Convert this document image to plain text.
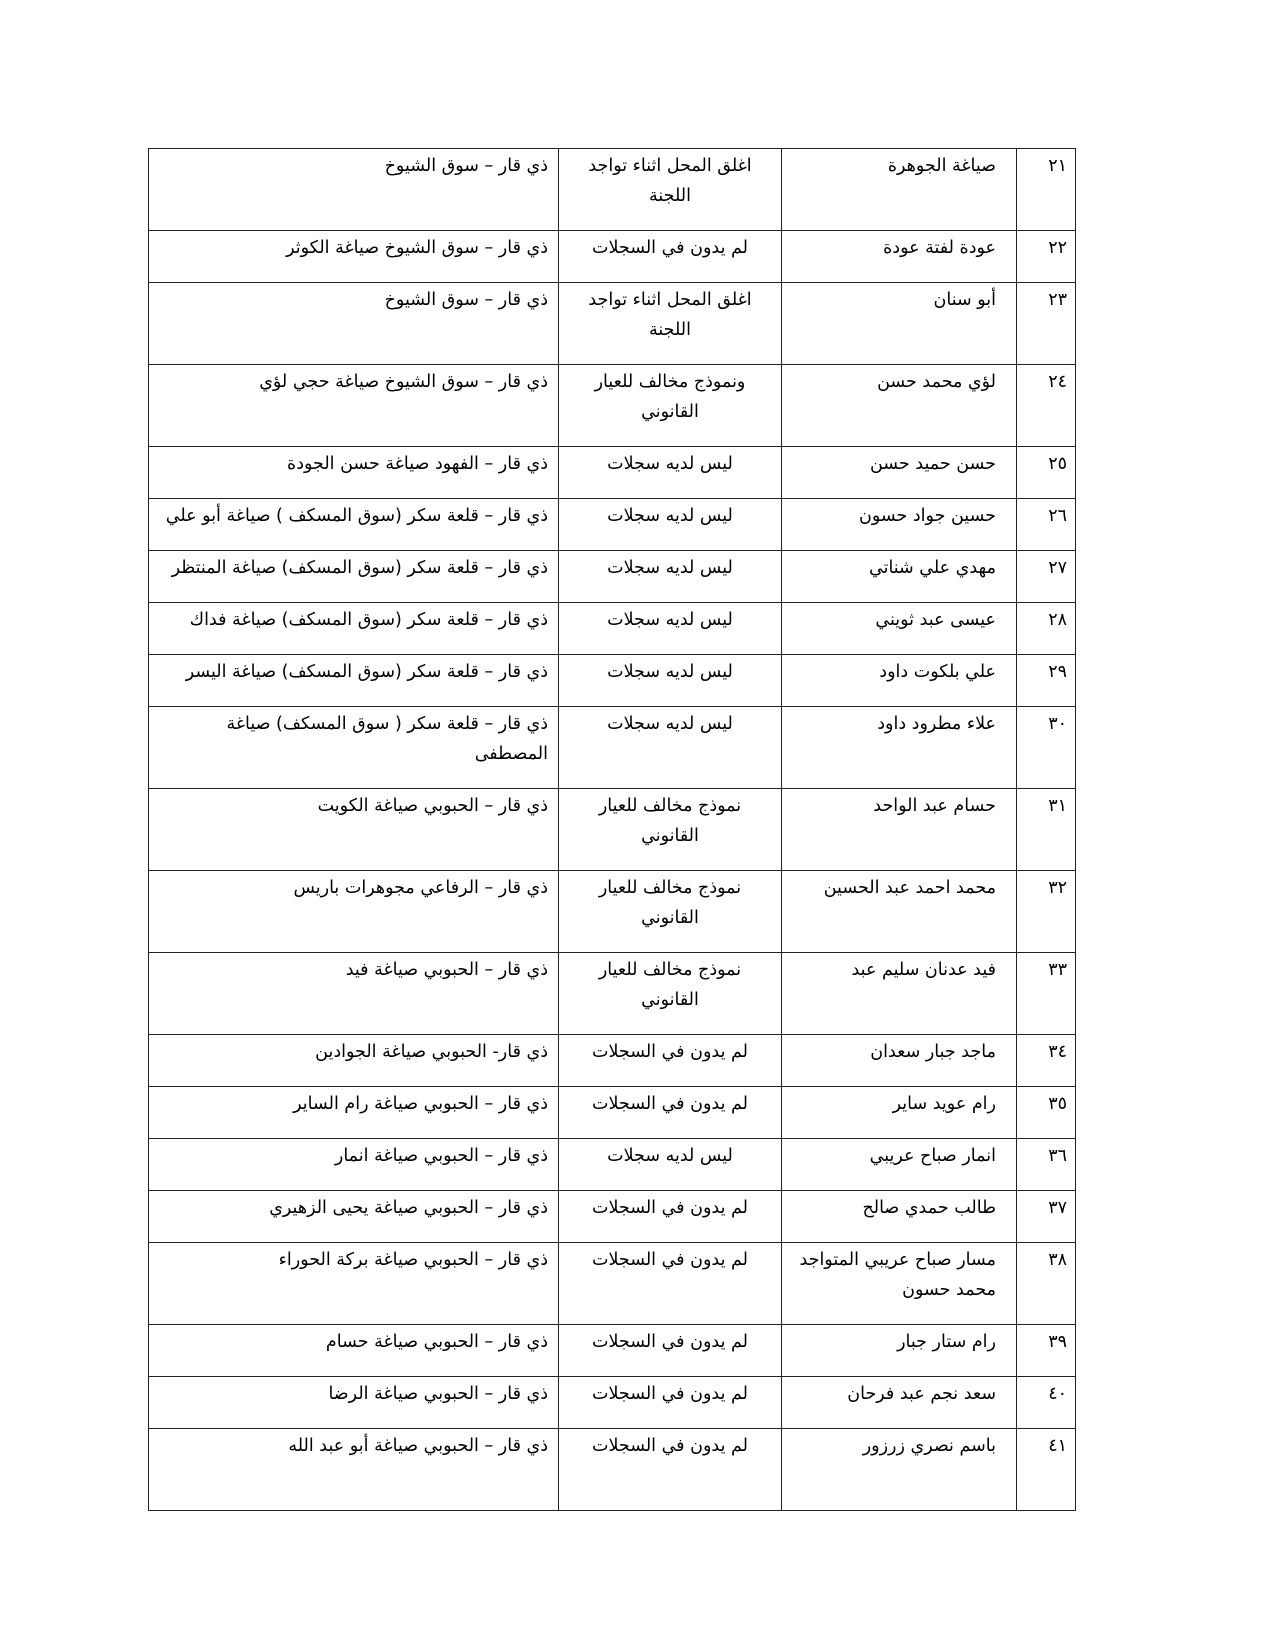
٢١	صياغة الجوهرة	اغلق المحل اثناء تواجد اللجنة	ذي قار – سوق الشيوخ
٢٢	عودة لفتة عودة	لم يدون في السجلات	ذي قار – سوق الشيوخ صياغة الكوثر
٢٣	أبو سنان	اغلق المحل اثناء تواجد اللجنة	ذي قار – سوق الشيوخ
٢٤	لؤي محمد حسن	ونموذج مخالف للعيار القانوني	ذي قار – سوق الشيوخ صياغة حجي لؤي
٢٥	حسن حميد حسن	ليس لديه سجلات	ذي قار – الفهود صياغة حسن الجودة
٢٦	حسين جواد حسون	ليس لديه سجلات	ذي قار – قلعة سكر (سوق المسكف ) صياغة أبو علي
٢٧	مهدي علي شناتي	ليس لديه سجلات	ذي قار – قلعة سكر (سوق المسكف) صياغة المنتظر
٢٨	عيسى عبد ثويني	ليس لديه سجلات	ذي قار – قلعة سكر (سوق المسكف) صياغة فداك
٢٩	علي بلكوت داود	ليس لديه سجلات	ذي قار – قلعة سكر (سوق المسكف) صياغة اليسر
٣٠	علاء مطرود داود	ليس لديه سجلات	ذي قار – قلعة سكر ( سوق المسكف) صياغة المصطفى
٣١	حسام عبد الواحد	نموذج مخالف للعيار القانوني	ذي قار – الحبوبي صياغة الكويت
٣٢	محمد احمد عبد الحسين	نموذج مخالف للعيار القانوني	ذي قار – الرفاعي مجوهرات باريس
٣٣	فيد عدنان سليم عبد	نموذج مخالف للعيار القانوني	ذي قار – الحبوبي صياغة فيد
٣٤	ماجد جبار سعدان	لم يدون في السجلات	ذي قار- الحبوبي صياغة الجوادين
٣٥	رام عويد ساير	لم يدون في السجلات	ذي قار – الحبوبي صياغة رام الساير
٣٦	انمار صباح عريبي	ليس لديه سجلات	ذي قار – الحبوبي صياغة انمار
٣٧	طالب حمدي صالح	لم يدون في السجلات	ذي قار – الحبوبي صياغة يحيى الزهيري
٣٨	مسار صباح عريبي المتواجد محمد حسون	لم يدون في السجلات	ذي قار – الحبوبي صياغة بركة الحوراء
٣٩	رام ستار جبار	لم يدون في السجلات	ذي قار – الحبوبي صياغة حسام
٤٠	سعد نجم عبد فرحان	لم يدون في السجلات	ذي قار – الحبوبي صياغة الرضا
٤١	باسم نصري زرزور	لم يدون في السجلات	ذي قار – الحبوبي صياغة أبو عبد الله
